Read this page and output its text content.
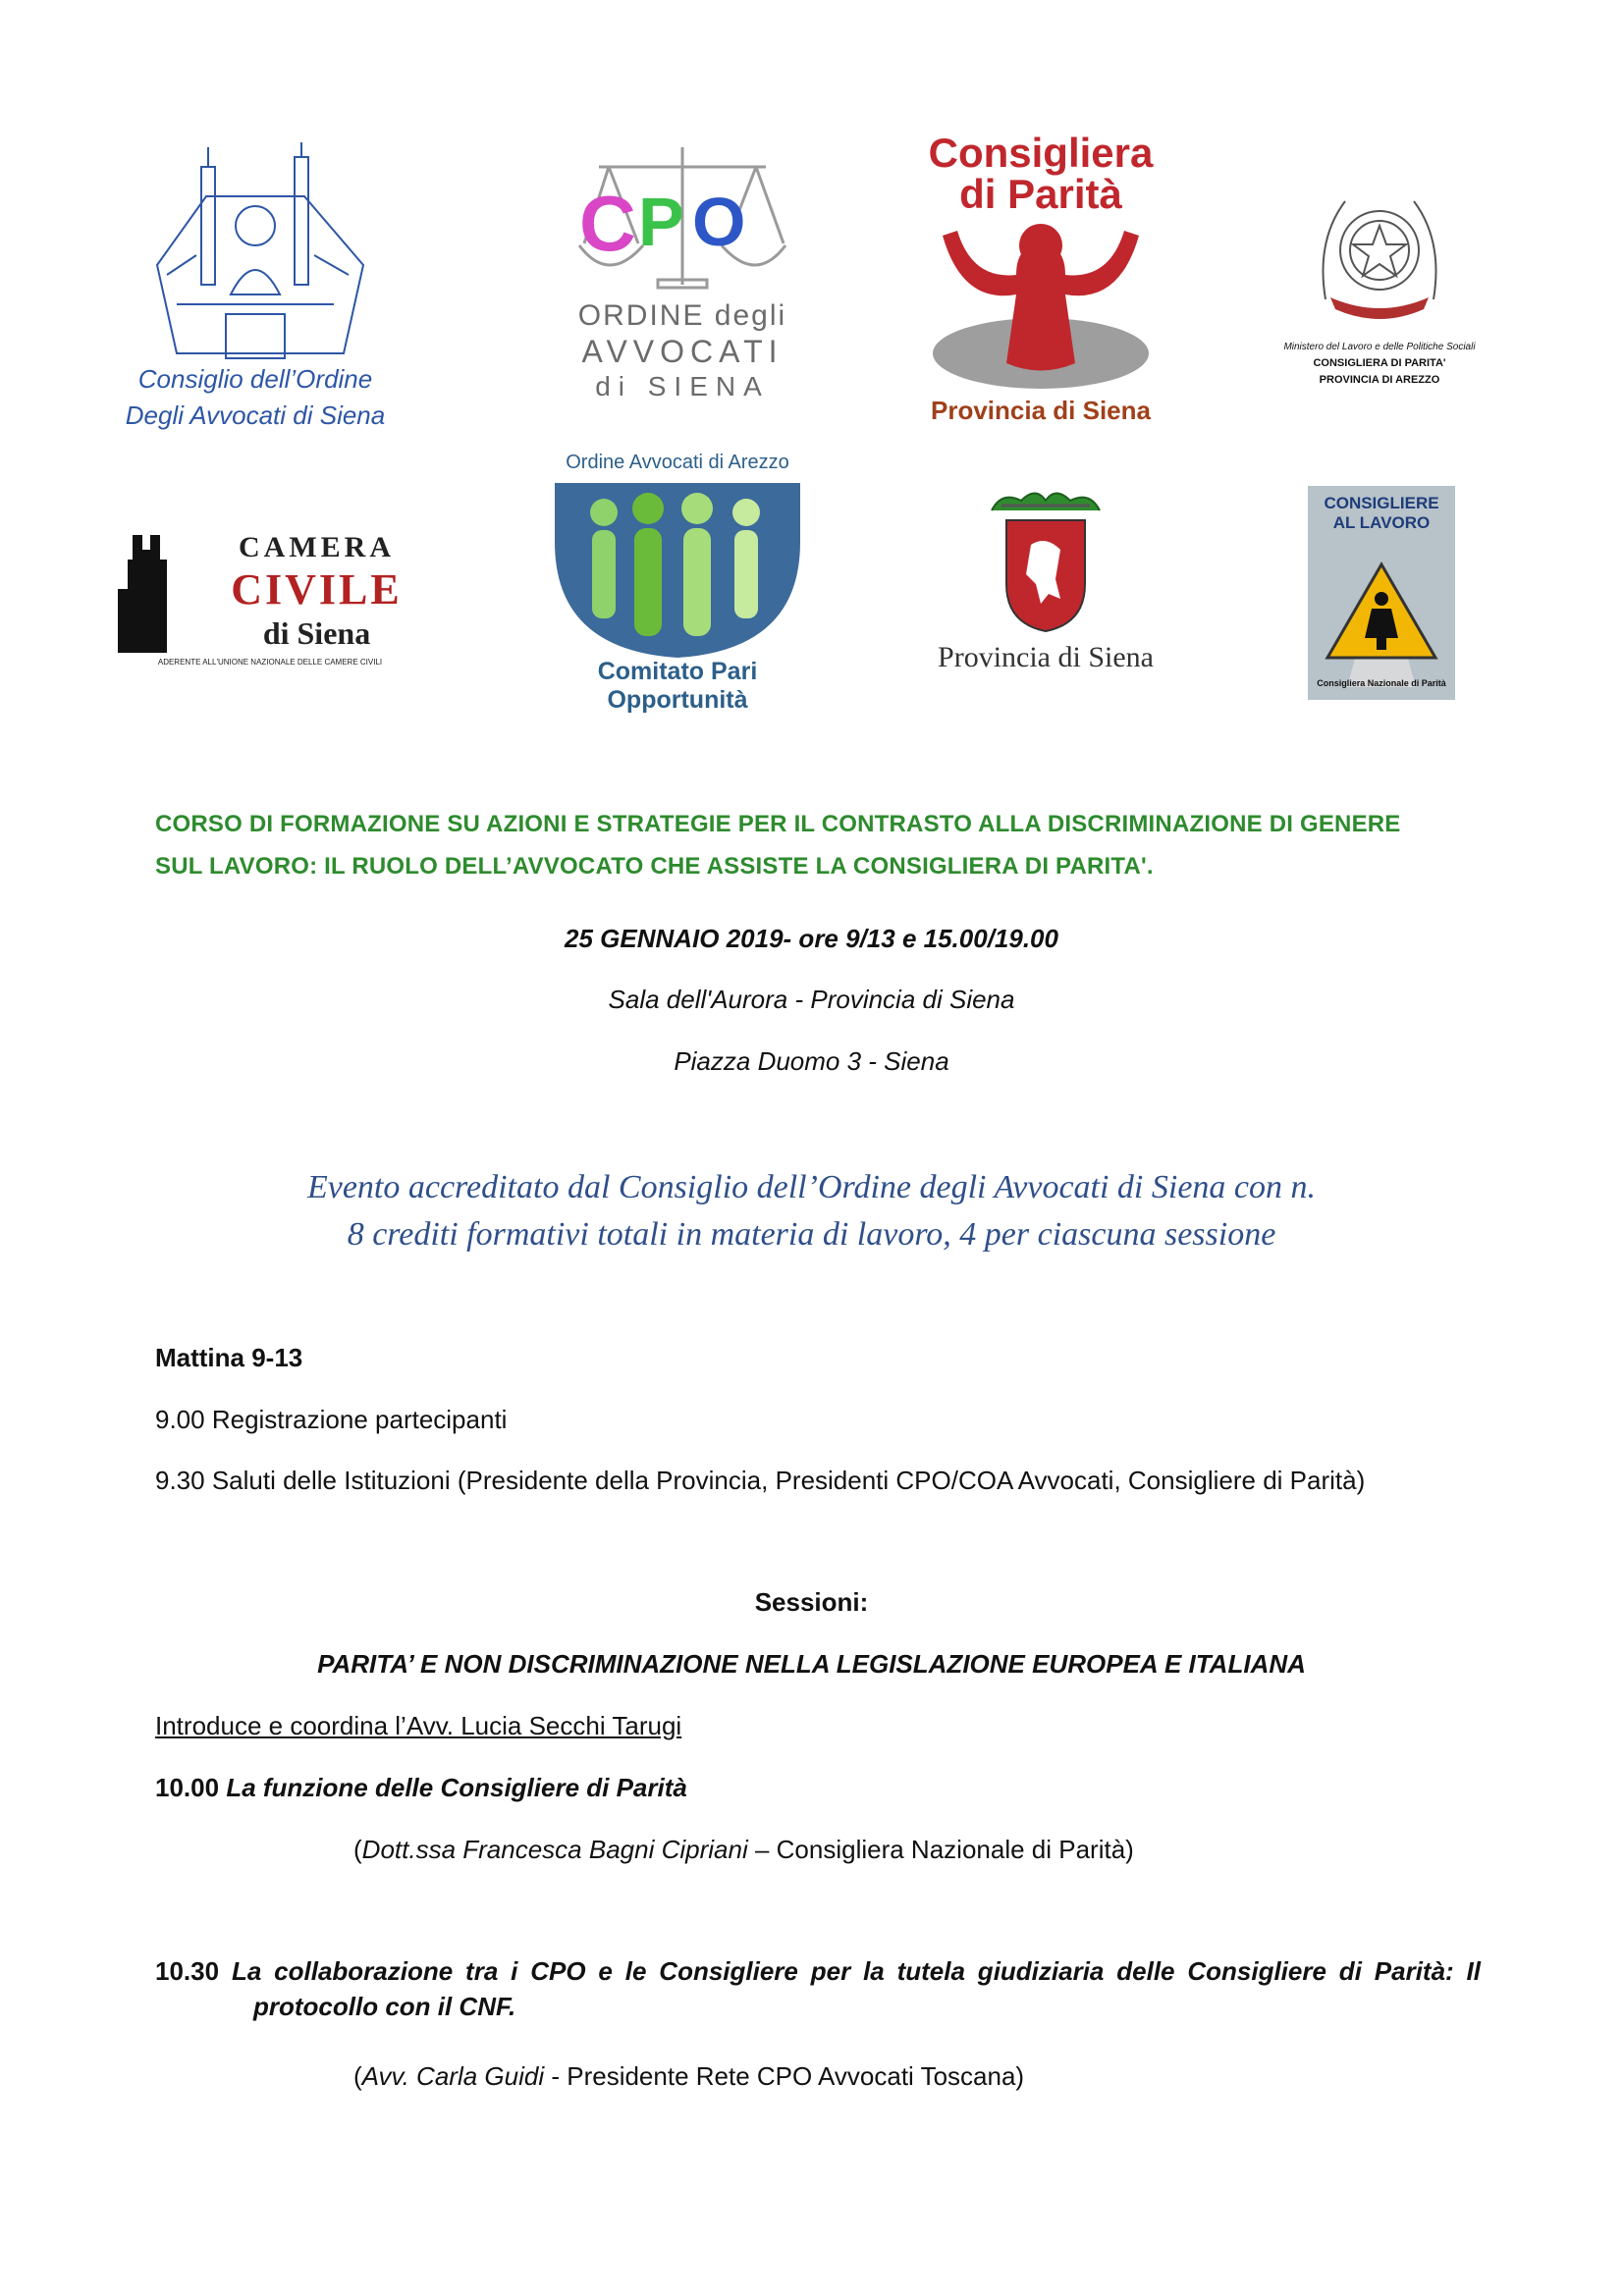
Consiglio dell’Ordine
Degli Avvocati di Siena
C P O
ORDINE degli
AVVOCATI
di SIENA
Consigliera
di Parità
Provincia di Siena
Ministero del Lavoro e delle Politiche Sociali
CONSIGLIERA DI PARITA'
PROVINCIA DI AREZZO
CAMERA
CIVILE
di Siena
ADERENTE ALL'UNIONE NAZIONALE DELLE CAMERE CIVILI
Ordine Avvocati di Arezzo
Comitato Pari Opportunità
Provincia di Siena
CONSIGLIERE
AL LAVORO
Consigliera Nazionale di Parità
CORSO DI FORMAZIONE SU AZIONI E STRATEGIE PER IL CONTRASTO ALLA DISCRIMINAZIONE DI GENERE
SUL LAVORO: IL RUOLO DELL’AVVOCATO CHE ASSISTE LA CONSIGLIERA DI PARITA'.
25 GENNAIO 2019- ore 9/13 e 15.00/19.00
Sala dell'Aurora - Provincia di Siena
Piazza Duomo 3 - Siena
Evento accreditato dal Consiglio dell’Ordine degli Avvocati di Siena con n.
8 crediti formativi totali in materia di lavoro, 4 per ciascuna sessione
Mattina 9-13
9.00 Registrazione partecipanti
9.30 Saluti delle Istituzioni (Presidente della Provincia, Presidenti CPO/COA Avvocati, Consigliere di Parità)
Sessioni:
PARITA’ E NON DISCRIMINAZIONE NELLA LEGISLAZIONE EUROPEA E ITALIANA
Introduce e coordina l’Avv. Lucia Secchi Tarugi
10.00 La funzione delle Consigliere di Parità
(Dott.ssa Francesca Bagni Cipriani – Consigliera Nazionale di Parità)
10.30 La collaborazione tra i CPO e le Consigliere per la tutela giudiziaria delle Consigliere di Parità: Il
protocollo con il CNF.
(Avv. Carla Guidi - Presidente Rete CPO Avvocati Toscana)
